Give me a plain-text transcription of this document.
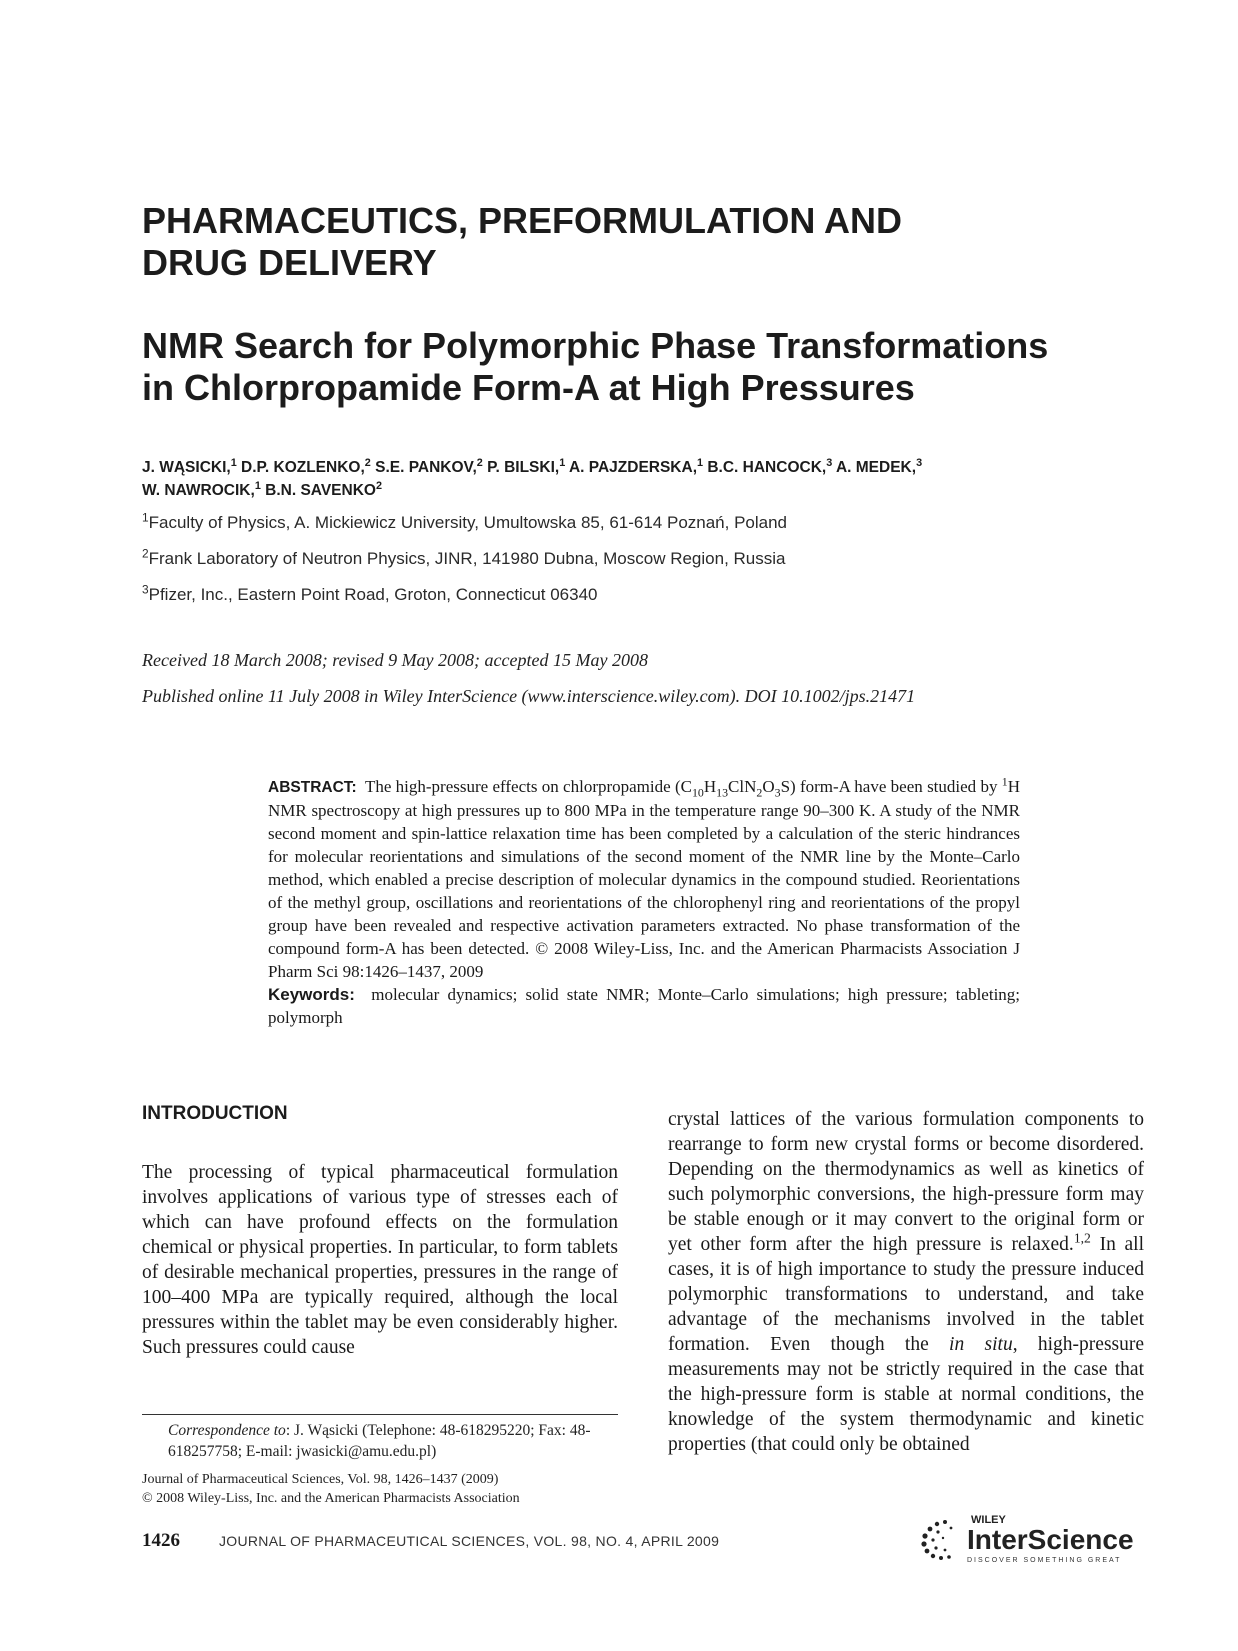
PHARMACEUTICS, PREFORMULATION AND
DRUG DELIVERY
NMR Search for Polymorphic Phase Transformations
in Chlorpropamide Form-A at High Pressures
J. WĄSICKI,$^1$ D.P. KOZLENKO,$^2$ S.E. PANKOV,$^2$ P. BILSKI,$^1$ A. PAJZDERSKA,$^1$ B.C. HANCOCK,$^3$ A. MEDEK,$^3$
W. NAWROCIK,$^1$ B.N. SAVENKO$^2$
$^1$Faculty of Physics, A. Mickiewicz University, Umultowska 85, 61-614 Poznań, Poland
$^2$Frank Laboratory of Neutron Physics, JINR, 141980 Dubna, Moscow Region, Russia
$^3$Pfizer, Inc., Eastern Point Road, Groton, Connecticut 06340
Received 18 March 2008; revised 9 May 2008; accepted 15 May 2008
Published online 11 July 2008 in Wiley InterScience (www.interscience.wiley.com). DOI 10.1002/jps.21471
ABSTRACT: The high-pressure effects on chlorpropamide $(C_{10}H_{13}ClN_2O_3S)$ form-A have been studied by $^1$H NMR spectroscopy at high pressures up to 800 MPa in the temperature range 90–300 K. A study of the NMR second moment and spin-lattice relaxation time has been completed by a calculation of the steric hindrances for molecular reorientations and simulations of the second moment of the NMR line by the Monte–Carlo method, which enabled a precise description of molecular dynamics in the compound studied. Reorientations of the methyl group, oscillations and reorientations of the chlorophenyl ring and reorientations of the propyl group have been revealed and respective activation parameters extracted. No phase transformation of the compound form-A has been detected. © 2008 Wiley-Liss, Inc. and the American Pharmacists Association J Pharm Sci 98:1426–1437, 2009
Keywords: molecular dynamics; solid state NMR; Monte–Carlo simulations; high pressure; tableting; polymorph
INTRODUCTION
The processing of typical pharmaceutical formulation involves applications of various type of stresses each of which can have profound effects on the formulation chemical or physical properties. In particular, to form tablets of desirable mechanical properties, pressures in the range of 100–400 MPa are typically required, although the local pressures within the tablet may be even considerably higher. Such pressures could cause
crystal lattices of the various formulation components to rearrange to form new crystal forms or become disordered. Depending on the thermodynamics as well as kinetics of such polymorphic conversions, the high-pressure form may be stable enough or it may convert to the original form or yet other form after the high pressure is relaxed.$^{1,2}$ In all cases, it is of high importance to study the pressure induced polymorphic transformations to understand, and take advantage of the mechanisms involved in the tablet formation. Even though the in situ, high-pressure measurements may not be strictly required in the case that the high-pressure form is stable at normal conditions, the knowledge of the system thermodynamic and kinetic properties (that could only be obtained
Correspondence to: J. Wąsicki (Telephone: 48-618295220; Fax: 48-618257758; E-mail: jwasicki@amu.edu.pl)
Journal of Pharmaceutical Sciences, Vol. 98, 1426–1437 (2009)
© 2008 Wiley-Liss, Inc. and the American Pharmacists Association
1426	JOURNAL OF PHARMACEUTICAL SCIENCES, VOL. 98, NO. 4, APRIL 2009
WILEY
InterScience
DISCOVER SOMETHING GREAT
